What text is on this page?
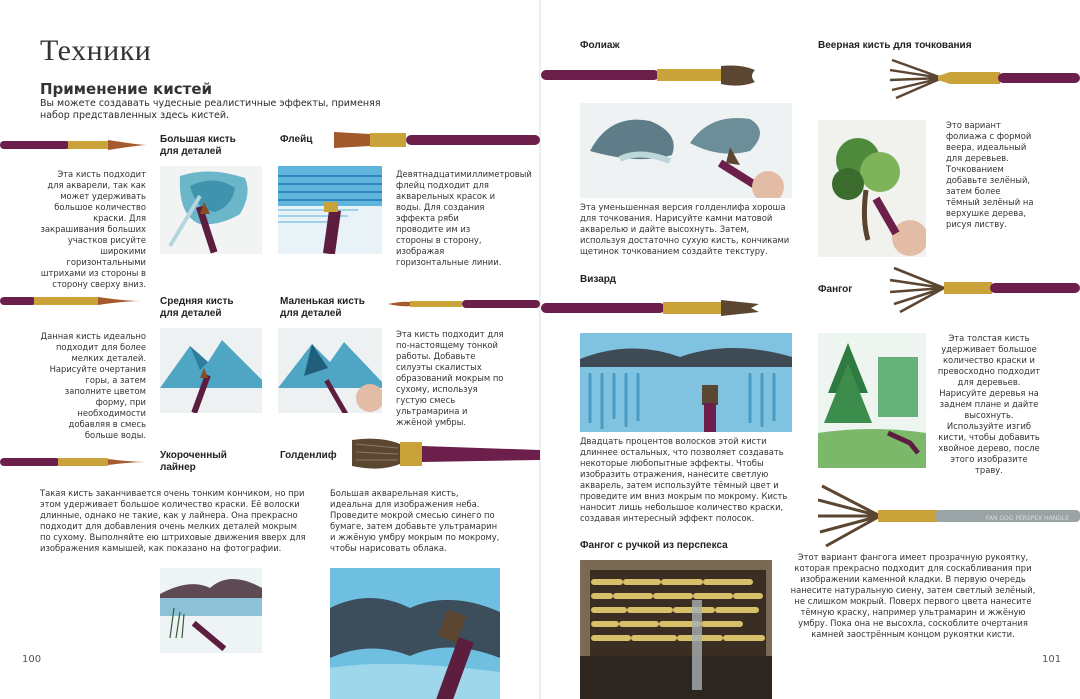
Техники
Применение кистей
Вы можете создавать чудесные реалистичные эффекты, применяя набор представленных здесь кистей.
Большая кисть для деталей
Эта кисть подходит для акварели, так как может удерживать большое количество краски. Для закрашивания больших участков рисуйте широкими горизонтальными штрихами из стороны в сторону сверху вниз.
Флейц
Девятнадцатимиллиметровый флейц подходит для акварельных красок и воды. Для создания эффекта ряби проводите им из стороны в сторону, изображая горизонтальные линии.
Средняя кисть для деталей
Данная кисть идеально подходит для более мелких деталей. Нарисуйте очертания горы, а затем заполните цветом форму, при необходимости добавляя в смесь больше воды.
Маленькая кисть для деталей
Эта кисть подходит для по-настоящему тонкой работы. Добавьте силуэты скалистых образований мокрым по сухому, используя густую смесь ультрамарина и жжёной умбры.
Укороченный лайнер
Такая кисть заканчивается очень тонким кончиком, но при этом удерживает большое количество краски. Её волоски длинные, однако не такие, как у лайнера. Она прекрасно подходит для добавления очень мелких деталей мокрым по сухому. Выполняйте ею штриховые движения вверх для изображения камышей, как показано на фотографии.
Голденлиф
Большая акварельная кисть, идеальна для изображения неба. Проведите мокрой смесью синего по бумаге, затем добавьте ультрамарин и жжёную умбру мокрым по мокрому, чтобы нарисовать облака.
100
Фолиаж
Эта уменьшенная версия голденлифа хороша для точкования. Нарисуйте камни матовой акварелью и дайте высохнуть. Затем, используя достаточно сухую кисть, кончиками щетинок точкованием создайте текстуру.
Веерная кисть для точкования
Это вариант фолиажа с формой веера, идеальный для деревьев. Точкованием добавьте зелёный, затем более тёмный зелёный на верхушке дерева, рисуя листву.
Визард
Двадцать процентов волосков этой кисти длиннее остальных, что позволяет создавать некоторые любопытные эффекты. Чтобы изобразить отражения, нанесите светлую акварель, затем используйте тёмный цвет и проведите им вниз мокрым по мокрому. Кисть наносит лишь небольшое количество краски, создавая интересный эффект полосок.
Фангог
Эта толстая кисть удерживает большое количество краски и превосходно подходит для деревьев. Нарисуйте деревья на заднем плане и дайте высохнуть. Используйте изгиб кисти, чтобы добавить хвойное дерево, после этого изобразите траву.
Фангог с ручкой из перспекса
FAN GOG PERSPEX HANDLE
Этот вариант фангога имеет прозрачную рукоятку, которая прекрасно подходит для соскабливания при изображении каменной кладки. В первую очередь нанесите натуральную сиену, затем светлый зелёный, не слишком мокрый. Поверх первого цвета нанесите тёмную краску, например ультрамарин и жжёную умбру. Пока она не высохла, соскоблите очертания камней заострённым концом рукоятки кисти.
101
